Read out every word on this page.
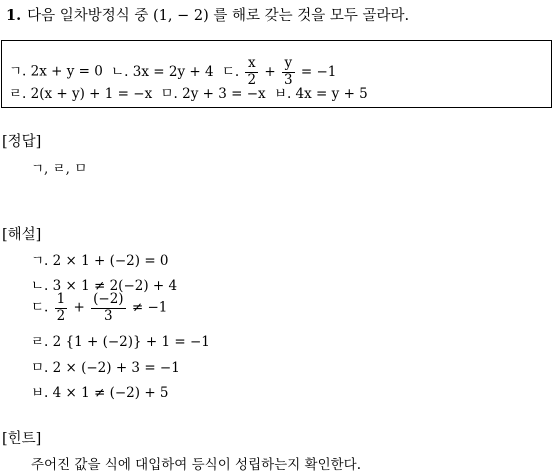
1. 다음 일차방정식 중 (1, − 2) 를 해로 갖는 것을 모두 골라라.
ㄱ. 2x + y = 0 ㄴ. 3x = 2y + 4 ㄷ. $\frac{x}{2} + \frac{y}{3} = -1$
ㄹ. 2(x + y) + 1 = −x ㅁ. 2y + 3 = −x ㅂ. 4x = y + 5
[정답]
ㄱ, ㄹ, ㅁ
[해설]
ㄱ. 2 × 1 + (−2) = 0
ㄴ. 3 × 1 ≠ 2(−2) + 4
ㄷ. $\frac{1}{2} + \frac{(-2)}{3} \ne -1$
ㄹ. 2 {1 + (−2)} + 1 = −1
ㅁ. 2 × (−2) + 3 = −1
ㅂ. 4 × 1 ≠ (−2) + 5
[힌트]
주어진 값을 식에 대입하여 등식이 성립하는지 확인한다.
